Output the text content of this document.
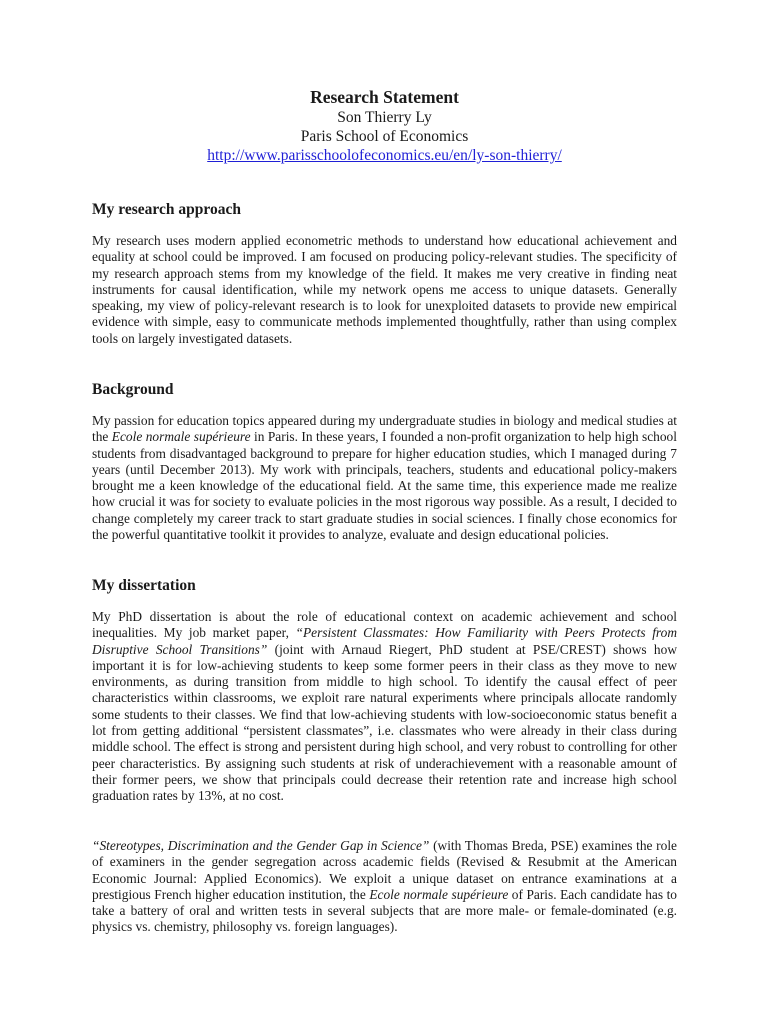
Research Statement
Son Thierry Ly
Paris School of Economics
http://www.parisschoolofeconomics.eu/en/ly-son-thierry/
My research approach

My research uses modern applied econometric methods to understand how educational achievement and equality at school could be improved. I am focused on producing policy-relevant studies. The specificity of my research approach stems from my knowledge of the field. It makes me very creative in finding neat instruments for causal identification, while my network opens me access to unique datasets. Generally speaking, my view of policy-relevant research is to look for unexploited datasets to provide new empirical evidence with simple, easy to communicate methods implemented thoughtfully, rather than using complex tools on largely investigated datasets.

Background

My passion for education topics appeared during my undergraduate studies in biology and medical studies at the Ecole normale supérieure in Paris. In these years, I founded a non-profit organization to help high school students from disadvantaged background to prepare for higher education studies, which I managed during 7 years (until December 2013). My work with principals, teachers, students and educational policy-makers brought me a keen knowledge of the educational field. At the same time, this experience made me realize how crucial it was for society to evaluate policies in the most rigorous way possible. As a result, I decided to change completely my career track to start graduate studies in social sciences. I finally chose economics for the powerful quantitative toolkit it provides to analyze, evaluate and design educational policies.

My dissertation

My PhD dissertation is about the role of educational context on academic achievement and school inequalities. My job market paper, “Persistent Classmates: How Familiarity with Peers Protects from Disruptive School Transitions” (joint with Arnaud Riegert, PhD student at PSE/CREST) shows how important it is for low-achieving students to keep some former peers in their class as they move to new environments, as during transition from middle to high school. To identify the causal effect of peer characteristics within classrooms, we exploit rare natural experiments where principals allocate randomly some students to their classes. We find that low-achieving students with low-socioeconomic status benefit a lot from getting additional “persistent classmates”, i.e. classmates who were already in their class during middle school. The effect is strong and persistent during high school, and very robust to controlling for other peer characteristics. By assigning such students at risk of underachievement with a reasonable amount of their former peers, we show that principals could decrease their retention rate and increase high school graduation rates by 13%, at no cost.

“Stereotypes, Discrimination and the Gender Gap in Science” (with Thomas Breda, PSE) examines the role of examiners in the gender segregation across academic fields (Revised & Resubmit at the American Economic Journal: Applied Economics). We exploit a unique dataset on entrance examinations at a prestigious French higher education institution, the Ecole normale supérieure of Paris. Each candidate has to take a battery of oral and written tests in several subjects that are more male- or female-dominated (e.g. physics vs. chemistry, philosophy vs. foreign languages).
